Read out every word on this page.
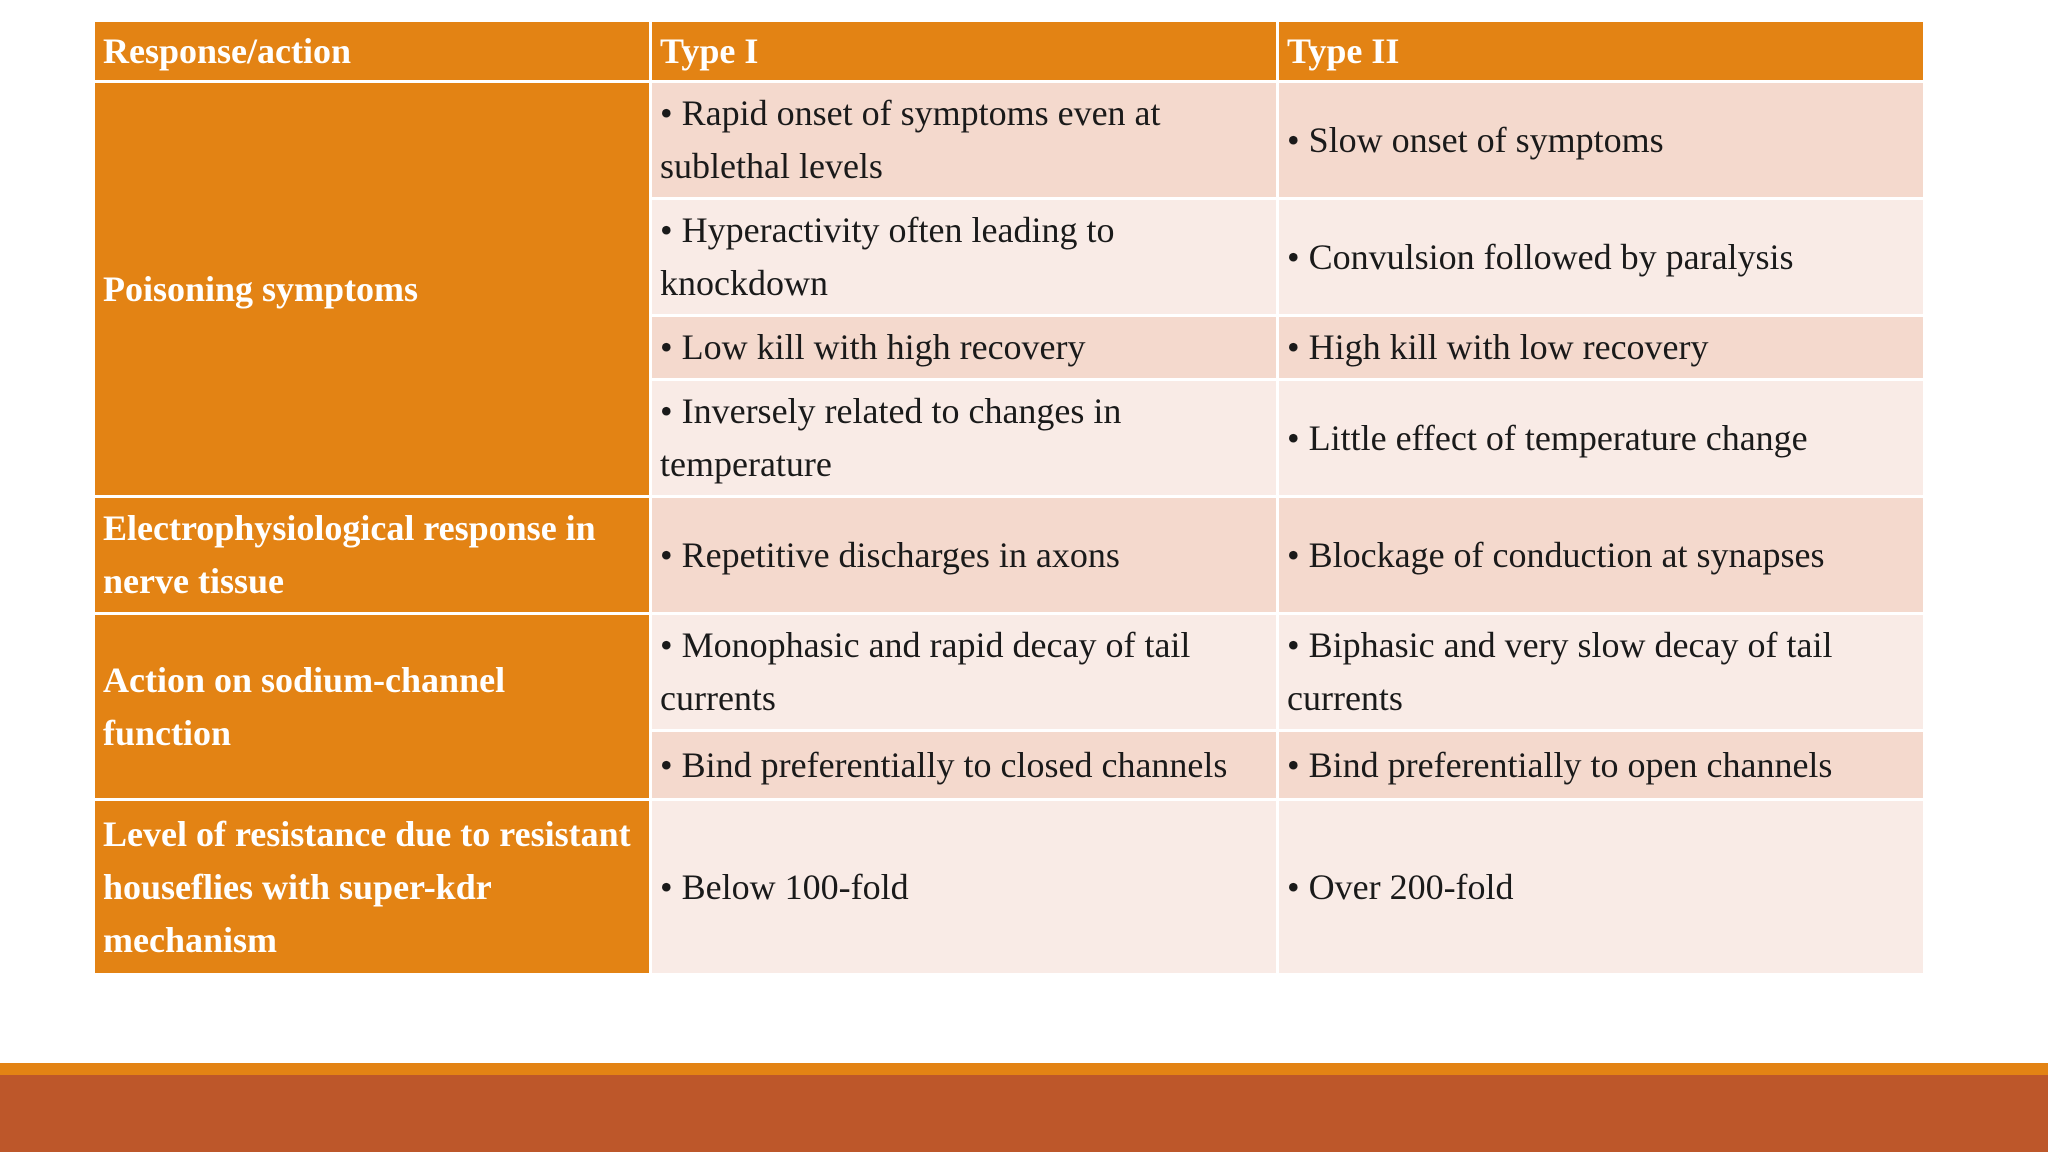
Response/action	Type I	Type II
Poisoning symptoms	• Rapid onset of symptoms even at sublethal levels	• Slow onset of symptoms
	• Hyperactivity often leading to knockdown	• Convulsion followed by paralysis
	• Low kill with high recovery	• High kill with low recovery
	• Inversely related to changes in temperature	• Little effect of temperature change
Electrophysiological response in nerve tissue	• Repetitive discharges in axons	• Blockage of conduction at synapses
Action on sodium-channel function	• Monophasic and rapid decay of tail currents	• Biphasic and very slow decay of tail currents
	• Bind preferentially to closed channels	• Bind preferentially to open channels
Level of resistance due to resistant houseflies with super-kdr mechanism	• Below 100-fold	• Over 200-fold
